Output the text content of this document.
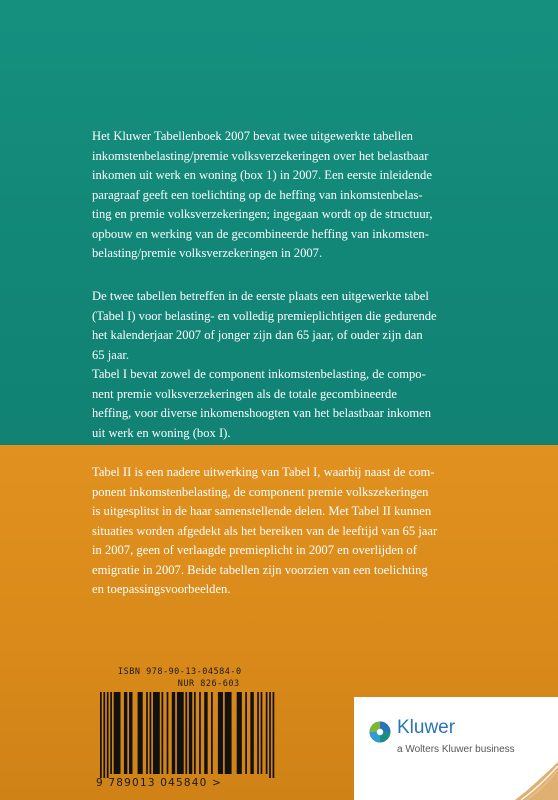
Het Kluwer Tabellenboek 2007 bevat twee uitgewerkte tabellen
inkomstenbelasting/premie volksverzekeringen over het belastbaar
inkomen uit werk en woning (box 1) in 2007. Een eerste inleidende
paragraaf geeft een toelichting op de heffing van inkomstenbelas-
ting en premie volksverzekeringen; ingegaan wordt op de structuur,
opbouw en werking van de gecombineerde heffing van inkomsten-
belasting/premie volksverzekeringen in 2007.
De twee tabellen betreffen in de eerste plaats een uitgewerkte tabel
(Tabel I) voor belasting- en volledig premieplichtigen die gedurende
het kalenderjaar 2007 of jonger zijn dan 65 jaar, of ouder zijn dan
65 jaar.
Tabel I bevat zowel de component inkomstenbelasting, de compo-
nent premie volksverzekeringen als de totale gecombineerde
heffing, voor diverse inkomenshoogten van het belastbaar inkomen
uit werk en woning (box I).
Tabel II is een nadere uitwerking van Tabel I, waarbij naast de com-
ponent inkomstenbelasting, de component premie volkszekeringen
is uitgesplitst in de haar samenstellende delen. Met Tabel II kunnen
situaties worden afgedekt als het bereiken van de leeftijd van 65 jaar
in 2007, geen of verlaagde premieplicht in 2007 en overlijden of
emigratie in 2007. Beide tabellen zijn voorzien van een toelichting
en toepassingsvoorbeelden.
ISBN 978-90-13-04584-0
NUR 826-603
9 789013 045840 >
Kluwer
a Wolters Kluwer business
